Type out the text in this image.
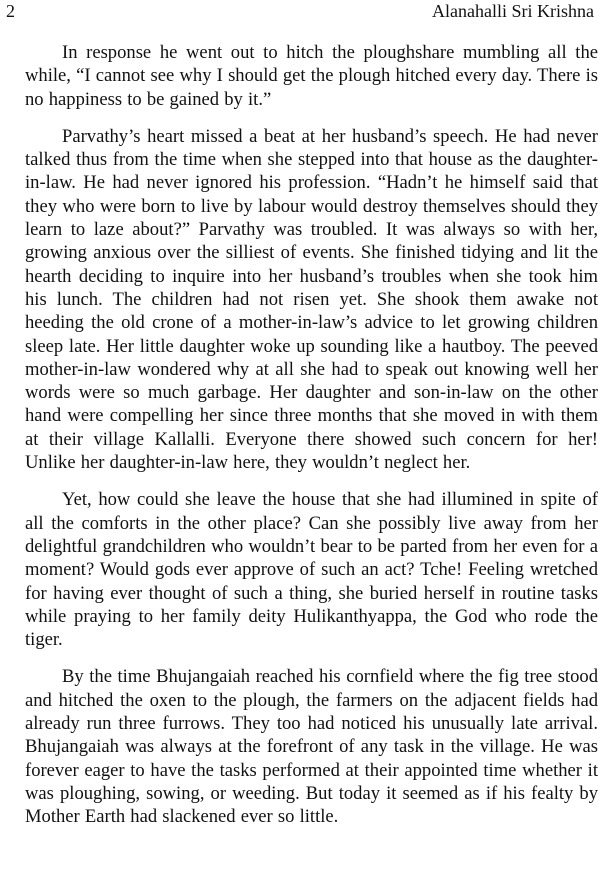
2	Alanahalli Sri Krishna

In response he went out to hitch the ploughshare mumbling all the while, “I cannot see why I should get the plough hitched every day. There is no happiness to be gained by it.”

Parvathy’s heart missed a beat at her husband’s speech. He had never talked thus from the time when she stepped into that house as the daughter-in-law. He had never ignored his profession. “Hadn’t he himself said that they who were born to live by labour would destroy themselves should they learn to laze about?” Parvathy was troubled. It was always so with her, growing anxious over the silliest of events. She finished tidying and lit the hearth deciding to inquire into her husband’s troubles when she took him his lunch. The children had not risen yet. She shook them awake not heeding the old crone of a mother-in-law’s advice to let growing children sleep late. Her little daughter woke up sounding like a hautboy. The peeved mother-in-law wondered why at all she had to speak out knowing well her words were so much garbage. Her daughter and son-in-law on the other hand were compelling her since three months that she moved in with them at their village Kallalli. Everyone there showed such concern for her! Unlike her daughter-in-law here, they wouldn’t neglect her.

Yet, how could she leave the house that she had illumined in spite of all the comforts in the other place? Can she possibly live away from her delightful grandchildren who wouldn’t bear to be parted from her even for a moment? Would gods ever approve of such an act? Tche! Feeling wretched for having ever thought of such a thing, she buried herself in routine tasks while praying to her family deity Hulikanthyappa, the God who rode the tiger.

By the time Bhujangaiah reached his cornfield where the fig tree stood and hitched the oxen to the plough, the farmers on the adjacent fields had already run three furrows. They too had noticed his unusually late arrival. Bhujangaiah was always at the forefront of any task in the village. He was forever eager to have the tasks performed at their appointed time whether it was ploughing, sowing, or weeding. But today it seemed as if his fealty by Mother Earth had slackened ever so little.
